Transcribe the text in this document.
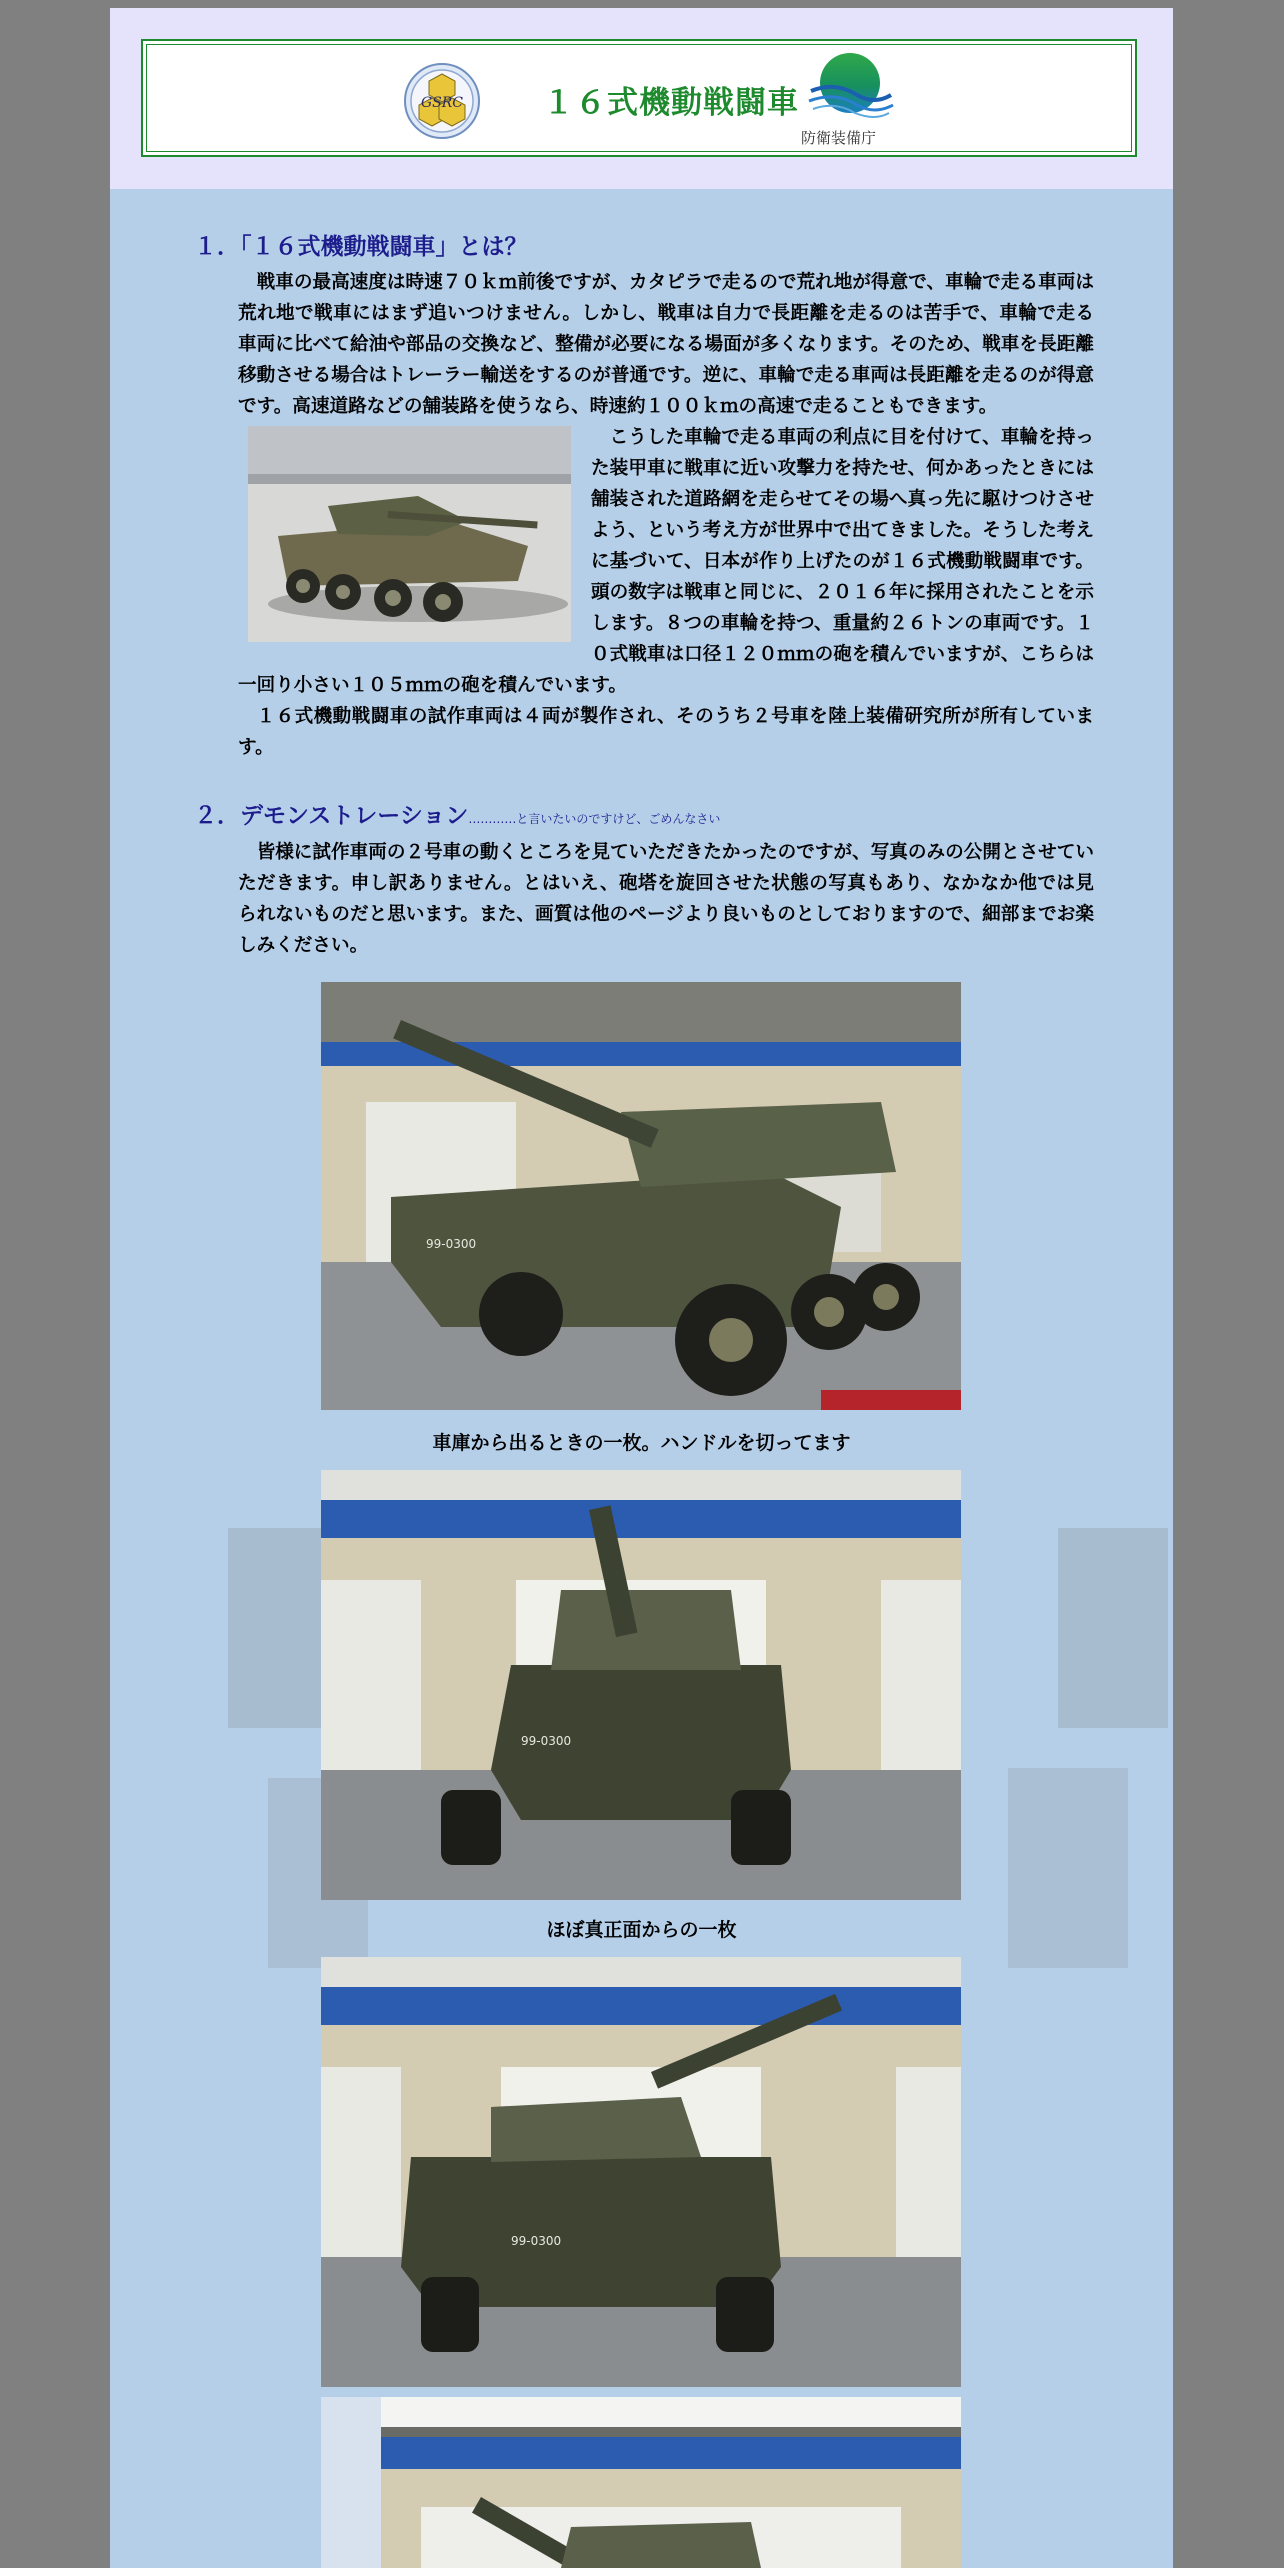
GSRC	１６式機動戦闘車
防衛装備庁
１．「１６式機動戦闘車」とは？

戦車の最高速度は時速７０ｋｍ前後ですが、カタピラで走るので荒れ地が得意で、車輪で走る車両は荒れ地で戦車にはまず追いつけません。しかし、戦車は自力で長距離を走るのは苦手で、車輪で走る車両に比べて給油や部品の交換など、整備が必要になる場面が多くなります。そのため、戦車を長距離移動させる場合はトレーラー輸送をするのが普通です。逆に、車輪で走る車両は長距離を走るのが得意です。高速道路などの舗装路を使うなら、時速約１００ｋｍの高速で走ることもできます。

こうした車輪で走る車両の利点に目を付けて、車輪を持った装甲車に戦車に近い攻撃力を持たせ、何かあったときには舗装された道路網を走らせてその場へ真っ先に駆けつけさせよう、という考え方が世界中で出てきました。そうした考えに基づいて、日本が作り上げたのが１６式機動戦闘車です。頭の数字は戦車と同じに、２０１６年に採用されたことを示します。８つの車輪を持つ、重量約２６トンの車両です。１０式戦車は口径１２０ｍｍの砲を積んでいますが、こちらは一回り小さい１０５ｍｍの砲を積んでいます。

１６式機動戦闘車の試作車両は４両が製作され、そのうち２号車を陸上装備研究所が所有しています。

２．デモンストレーション…………と言いたいのですけど、ごめんなさい

皆様に試作車両の２号車の動くところを見ていただきたかったのですが、写真のみの公開とさせていただきます。申し訳ありません。とはいえ、砲塔を旋回させた状態の写真もあり、なかなか他では見られないものだと思います。また、画質は他のページより良いものとしておりますので、細部までお楽しみください。

99-0300
車庫から出るときの一枚。ハンドルを切ってます
99-0300
ほぼ真正面からの一枚
99-0300
